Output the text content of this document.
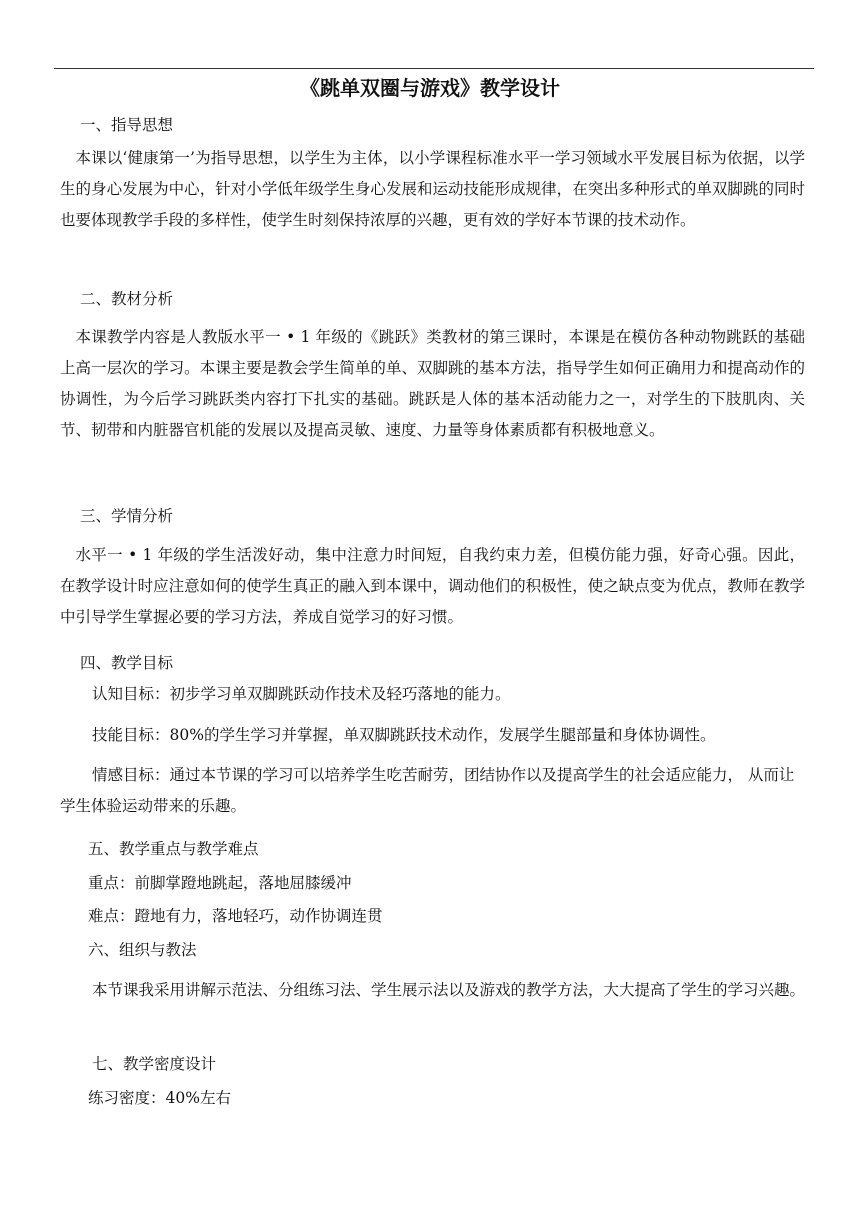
《跳单双圈与游戏》教学设计
一、指导思想
本课以‘健康第一’为指导思想，以学生为主体，以小学课程标准水平一学习领域水平发展目标为依据，以学生的身心发展为中心，针对小学低年级学生身心发展和运动技能形成规律，在突出多种形式的单双脚跳的同时也要体现教学手段的多样性，使学生时刻保持浓厚的兴趣，更有效的学好本节课的技术动作。
二、教材分析
本课教学内容是人教版水平一 • 1 年级的《跳跃》类教材的第三课时，本课是在模仿各种动物跳跃的基础上高一层次的学习。本课主要是教会学生简单的单、双脚跳的基本方法，指导学生如何正确用力和提高动作的协调性，为今后学习跳跃类内容打下扎实的基础。跳跃是人体的基本活动能力之一，对学生的下肢肌肉、关节、韧带和内脏器官机能的发展以及提高灵敏、速度、力量等身体素质都有积极地意义。
三、学情分析
水平一 • 1 年级的学生活泼好动，集中注意力时间短，自我约束力差，但模仿能力强，好奇心强。因此，在教学设计时应注意如何的使学生真正的融入到本课中，调动他们的积极性，使之缺点变为优点，教师在教学中引导学生掌握必要的学习方法，养成自觉学习的好习惯。
四、教学目标
认知目标：初步学习单双脚跳跃动作技术及轻巧落地的能力。
技能目标：80%的学生学习并掌握，单双脚跳跃技术动作，发展学生腿部量和身体协调性。
情感目标：通过本节课的学习可以培养学生吃苦耐劳，团结协作以及提高学生的社会适应能力， 从而让学生体验运动带来的乐趣。
五、教学重点与教学难点
重点：前脚掌蹬地跳起，落地屈膝缓冲
难点：蹬地有力，落地轻巧，动作协调连贯
六、组织与教法
本节课我采用讲解示范法、分组练习法、学生展示法以及游戏的教学方法，大大提高了学生的学习兴趣。
七、教学密度设计
练习密度：40%左右
